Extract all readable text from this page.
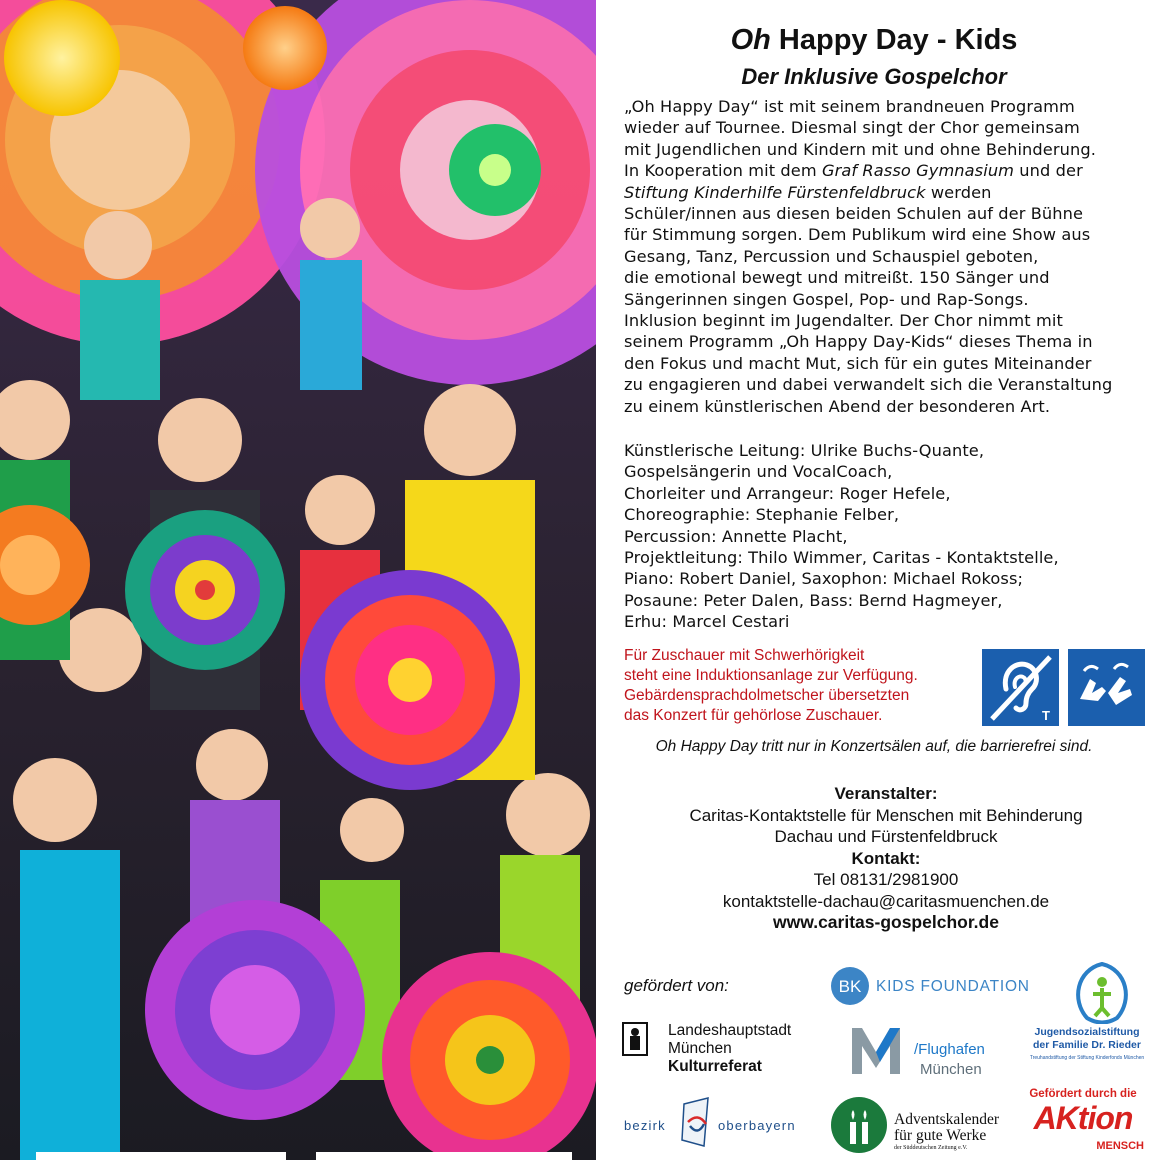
Oh Happy Day - Kids
Der Inklusive Gospelchor
„Oh Happy Day“ ist mit seinem brandneuen Programm
wieder auf Tournee. Diesmal singt der Chor gemeinsam
mit Jugendlichen und Kindern mit und ohne Behinderung.
In Kooperation mit dem Graf Rasso Gymnasium und der
Stiftung Kinderhilfe Fürstenfeldbruck werden
Schüler/innen aus diesen beiden Schulen auf der Bühne
für Stimmung sorgen. Dem Publikum wird eine Show aus
Gesang, Tanz, Percussion und Schauspiel geboten,
die emotional bewegt und mitreißt. 150 Sänger und
Sängerinnen singen Gospel, Pop- und Rap-Songs.
Inklusion beginnt im Jugendalter. Der Chor nimmt mit
seinem Programm „Oh Happy Day-Kids“ dieses Thema in
den Fokus und macht Mut, sich für ein gutes Miteinander
zu engagieren und dabei verwandelt sich die Veranstaltung
zu einem künstlerischen Abend der besonderen Art.
Künstlerische Leitung: Ulrike Buchs-Quante,
Gospelsängerin und VocalCoach,
Chorleiter und Arrangeur: Roger Hefele,
Choreographie: Stephanie Felber,
Percussion: Annette Placht,
Projektleitung: Thilo Wimmer, Caritas - Kontaktstelle,
Piano: Robert Daniel, Saxophon: Michael Rokoss;
Posaune: Peter Dalen, Bass: Bernd Hagmeyer,
Erhu: Marcel Cestari
Für Zuschauer mit Schwerhörigkeit
steht eine Induktionsanlage zur Verfügung.
Gebärdensprachdolmetscher übersetzten
das Konzert für gehörlose Zuschauer.	T
Oh Happy Day tritt nur in Konzertsälen auf, die barrierefrei sind.
Veranstalter:
Caritas-Kontaktstelle für Menschen mit Behinderung
Dachau und Fürstenfeldbruck
Kontakt:
Tel 08131/2981900
kontaktstelle-dachau@caritasmuenchen.de
www.caritas-gospelchor.de
gefördert von:	BK KIDS FOUNDATION
Jugendsozialstiftung
der Familie Dr. Rieder
Treuhandstiftung der Stiftung Kinderfonds München
Landeshauptstadt
München
Kulturreferat
/Flughafen
München
bezirk	oberbayern	Adventskalender
für gute Werke
der Süddeutschen Zeitung e.V.
Gefördert durch die
AKtion
MENSCH
